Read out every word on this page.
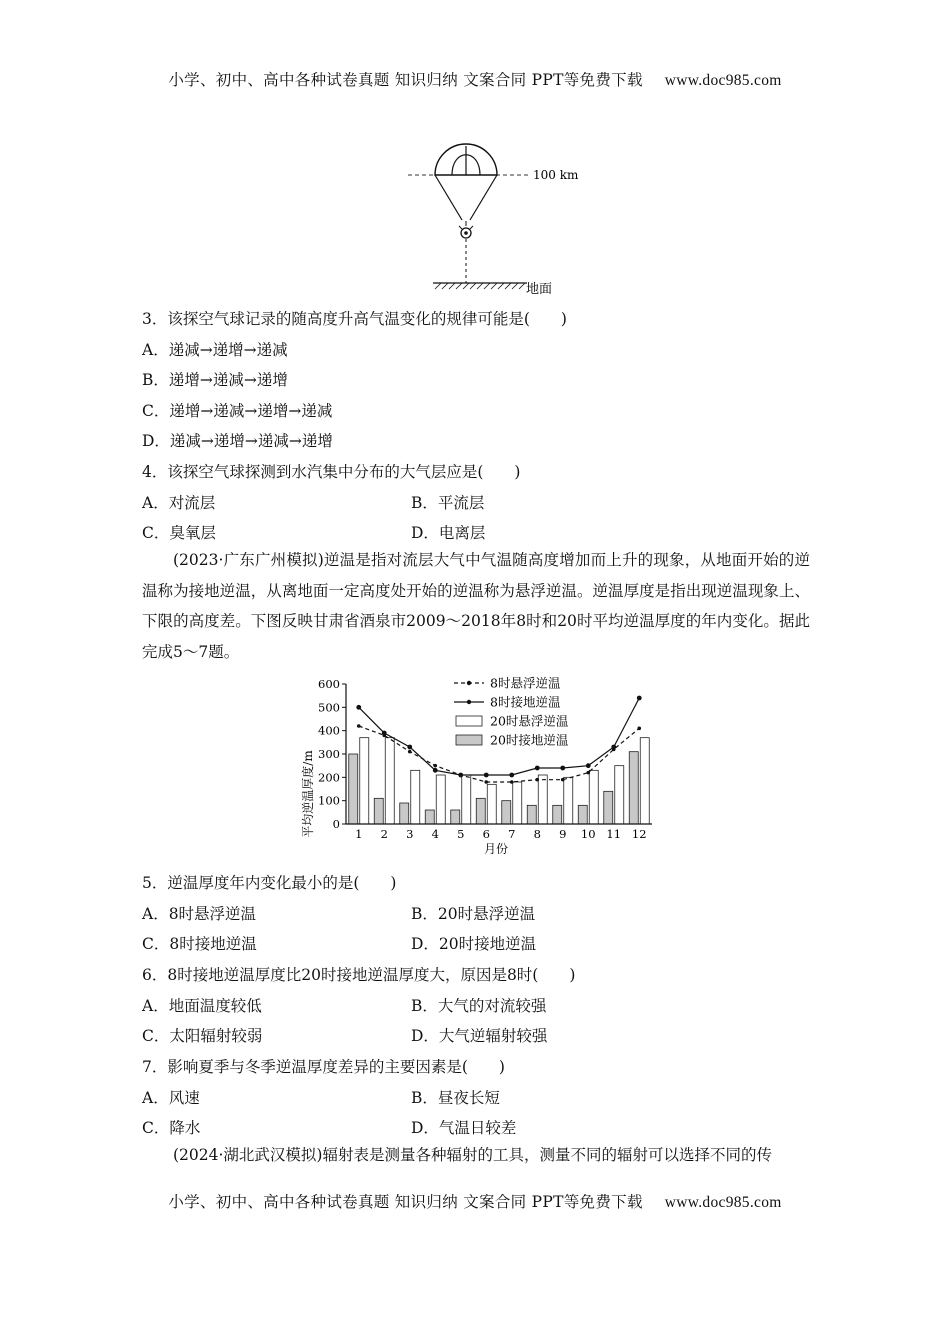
小学、初中、高中各种试卷真题 知识归纳 文案合同 PPT等免费下载 www.doc985.com
100 km
地面
3．该探空气球记录的随高度升高气温变化的规律可能是(　　)
A．递减→递增→递减
B．递增→递减→递增
C．递增→递减→递增→递减
D．递减→递增→递减→递增
4．该探空气球探测到水汽集中分布的大气层应是(　　)
A．对流层	B．平流层
C．臭氧层	D．电离层
(2023·广东广州模拟)逆温是指对流层大气中气温随高度增加而上升的现象，从地面开始的逆温称为接地逆温，从离地面一定高度处开始的逆温称为悬浮逆温。逆温厚度是指出现逆温现象上、下限的高度差。下图反映甘肃省酒泉市2009～2018年8时和20时平均逆温厚度的年内变化。据此完成5～7题。
平均逆温厚度/m
月份
0
100
200
300
400
500
600
1 2 3 4 5 6 7 8 9 10 11 12
8时悬浮逆温
8时接地逆温
20时悬浮逆温
20时接地逆温
5．逆温厚度年内变化最小的是(　　)
A．8时悬浮逆温	B．20时悬浮逆温
C．8时接地逆温	D．20时接地逆温
6．8时接地逆温厚度比20时接地逆温厚度大，原因是8时(　　)
A．地面温度较低	B．大气的对流较强
C．太阳辐射较弱	D．大气逆辐射较强
7．影响夏季与冬季逆温厚度差异的主要因素是(　　)
A．风速	B．昼夜长短
C．降水	D．气温日较差
(2024·湖北武汉模拟)辐射表是测量各种辐射的工具，测量不同的辐射可以选择不同的传
小学、初中、高中各种试卷真题 知识归纳 文案合同 PPT等免费下载 www.doc985.com
